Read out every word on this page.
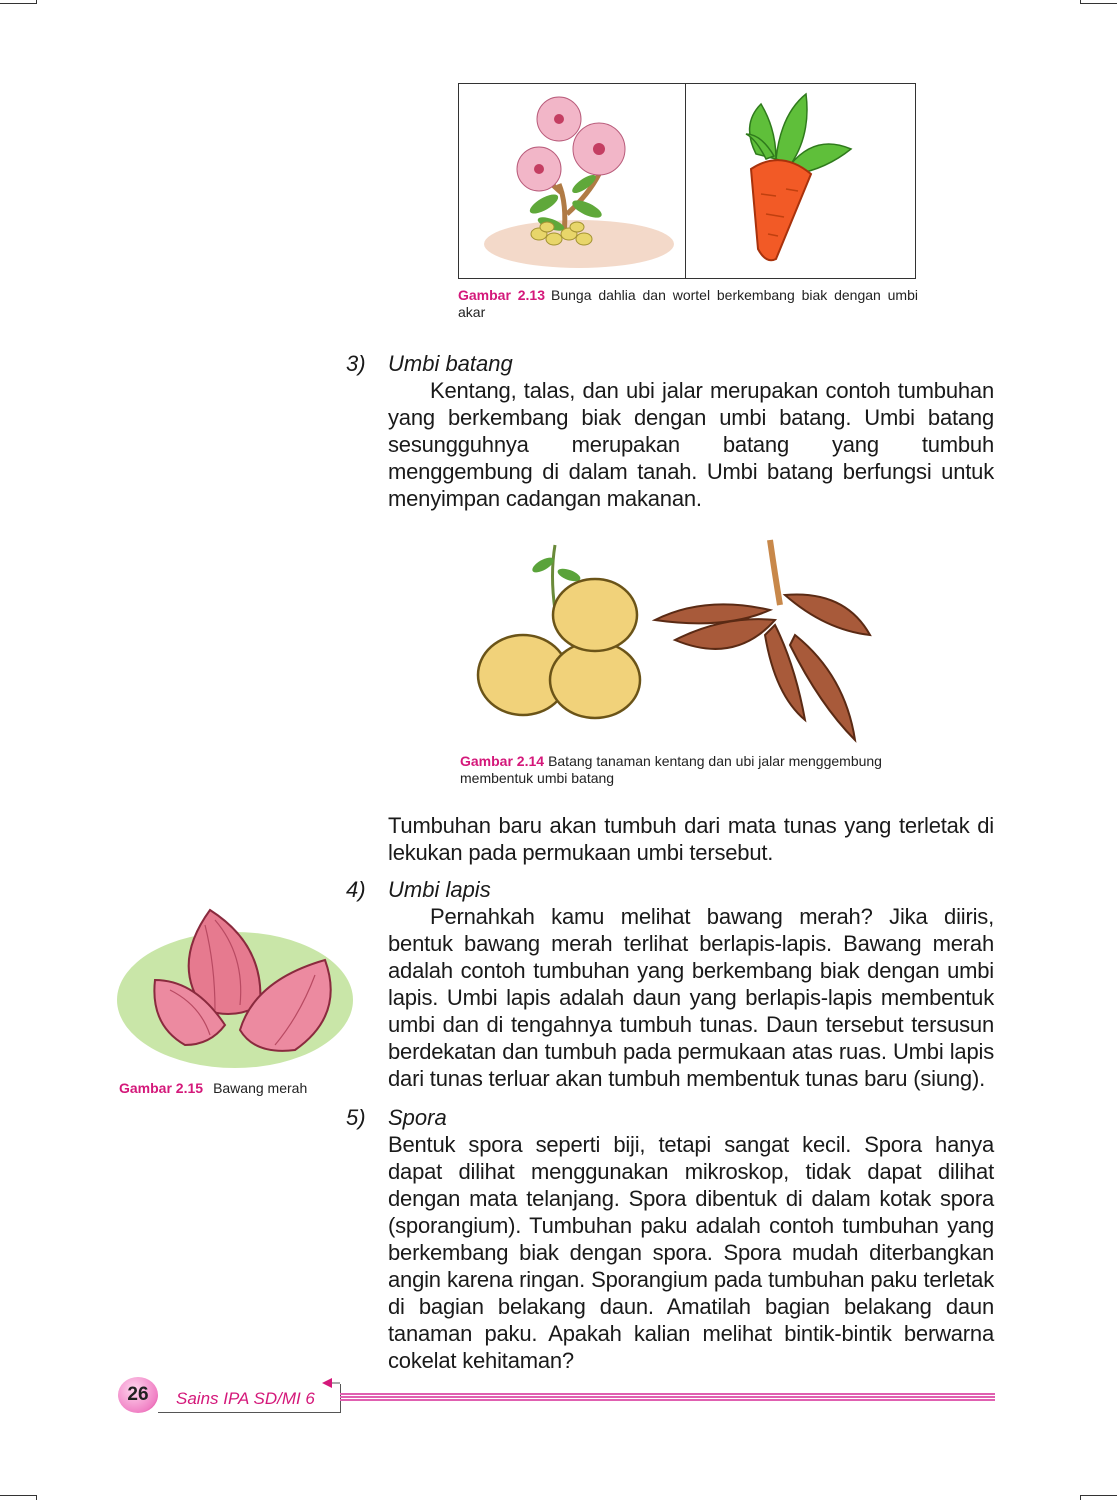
Gambar 2.13 Bunga dahlia dan wortel berkembang biak dengan umbi akar
3) Umbi batang
Kentang, talas, dan ubi jalar merupakan contoh tumbuhan yang berkembang biak dengan umbi batang. Umbi batang sesungguhnya merupakan batang yang tumbuh menggembung di dalam tanah. Umbi batang berfungsi untuk menyimpan cadangan makanan.
Gambar 2.14 Batang tanaman kentang dan ubi jalar menggembung membentuk umbi batang
Tumbuhan baru akan tumbuh dari mata tunas yang terletak di lekukan pada permukaan umbi tersebut.
4) Umbi lapis
Pernahkah kamu melihat bawang merah? Jika diiris, bentuk bawang merah terlihat berlapis-lapis. Bawang merah adalah contoh tumbuhan yang berkembang biak dengan umbi lapis. Umbi lapis adalah daun yang berlapis-lapis membentuk umbi dan di tengahnya tumbuh tunas. Daun tersebut tersusun berdekatan dan tumbuh pada permukaan atas ruas. Umbi lapis dari tunas terluar akan tumbuh membentuk tunas baru (siung).
Gambar 2.15 Bawang merah
5) Spora
Bentuk spora seperti biji, tetapi sangat kecil. Spora hanya dapat dilihat menggunakan mikroskop, tidak dapat dilihat dengan mata telanjang. Spora dibentuk di dalam kotak spora (sporangium). Tumbuhan paku adalah contoh tumbuhan yang berkembang biak dengan spora. Spora mudah diterbangkan angin karena ringan. Sporangium pada tumbuhan paku terletak di bagian belakang daun. Amatilah bagian belakang daun tanaman paku. Apakah kalian melihat bintik-bintik berwarna cokelat kehitaman?
26	Sains IPA SD/MI 6
